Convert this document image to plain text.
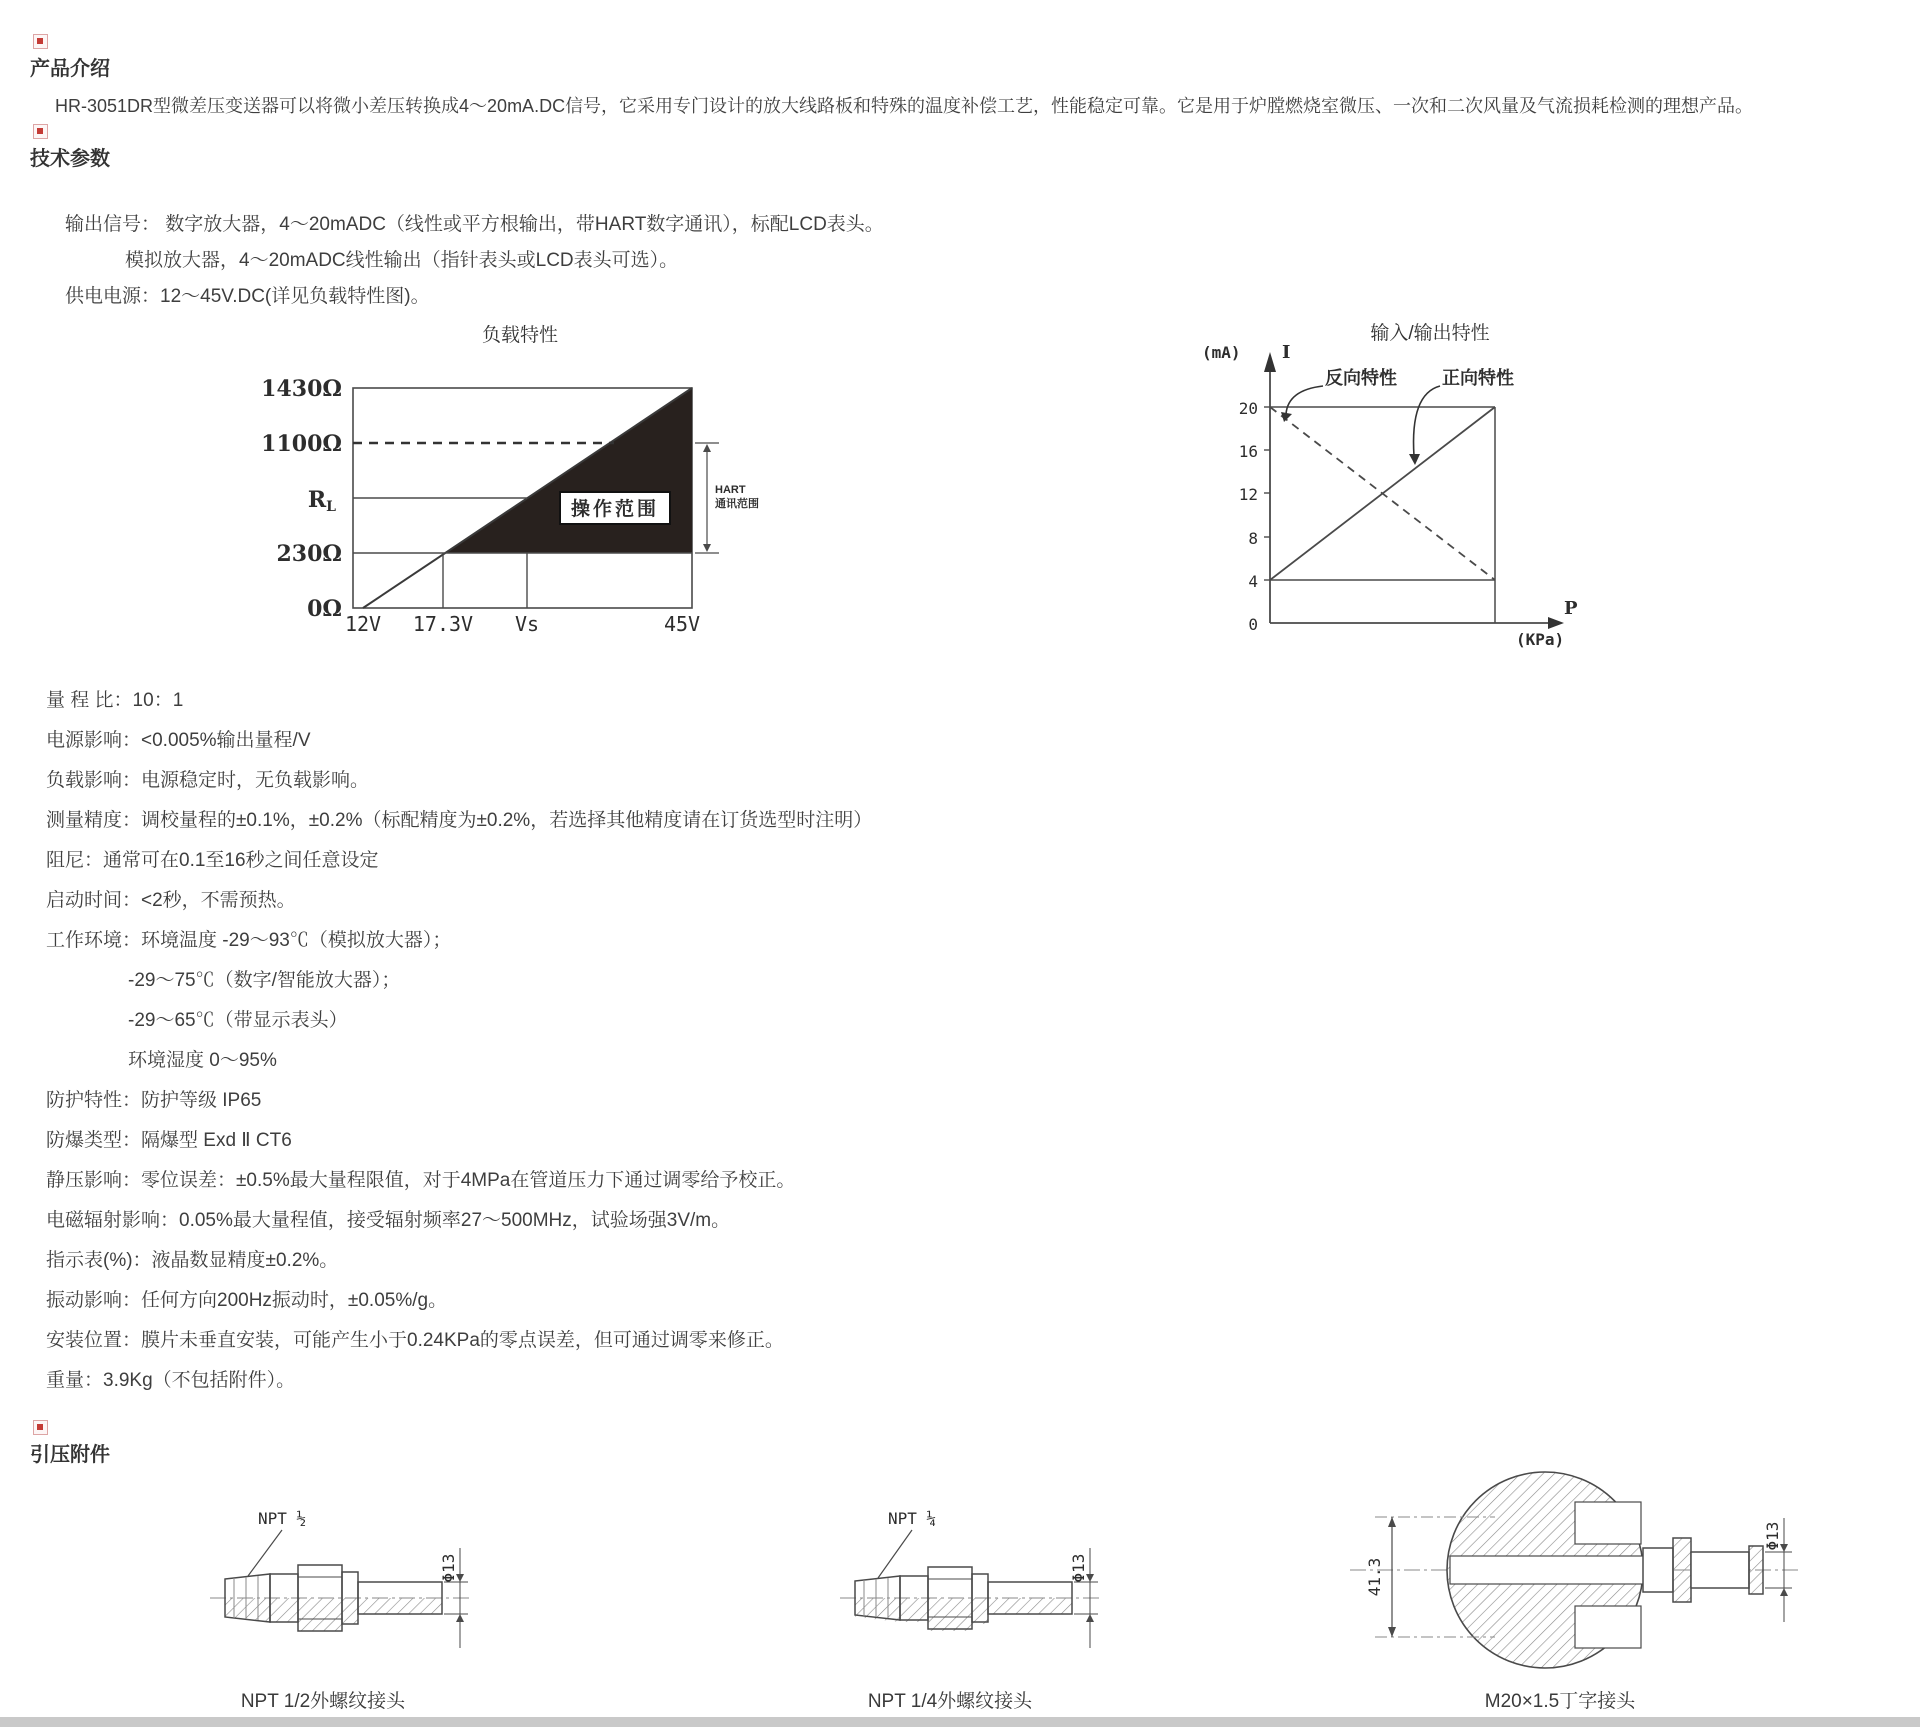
产品介绍
HR-3051DR型微差压变送器可以将微小差压转换成4～20mA.DC信号，它采用专门设计的放大线路板和特殊的温度补偿工艺，性能稳定可靠。它是用于炉膛燃烧室微压、一次和二次风量及气流损耗检测的理想产品。
技术参数
输出信号： 数字放大器，4～20mADC（线性或平方根输出，带HART数字通讯），标配LCD表头。
模拟放大器，4～20mADC线性输出（指针表头或LCD表头可选）。
供电电源：12～45V.DC(详见负载特性图)。
负载特性
1430Ω
1100Ω
RL
230Ω
0Ω
12V 17.3V Vs	45V
操作范围
HART
通讯范围
输入/输出特性
(mA) I
P
(KPa)
20
16
12
8
4
0
反向特性	正向特性
量 程 比：10：1
电源影响：<0.005%输出量程/V
负载影响：电源稳定时，无负载影响。
测量精度：调校量程的±0.1%，±0.2%（标配精度为±0.2%，若选择其他精度请在订货选型时注明）
阻尼：通常可在0.1至16秒之间任意设定
启动时间：<2秒，不需预热。
工作环境：环境温度 -29～93℃（模拟放大器）；
-29～75℃（数字/智能放大器）；
-29～65℃（带显示表头）
环境湿度 0～95%
防护特性：防护等级 IP65
防爆类型：隔爆型 Exd Ⅱ CT6
静压影响：零位误差：±0.5%最大量程限值，对于4MPa在管道压力下通过调零给予校正。
电磁辐射影响：0.05%最大量程值，接受辐射频率27～500MHz，试验场强3V/m。
指示表(%)：液晶数显精度±0.2%。
振动影响：任何方向200Hz振动时，±0.05%/g。
安装位置：膜片未垂直安装，可能产生小于0.24KPa的零点误差，但可通过调零来修正。
重量：3.9Kg（不包括附件）。
引压附件
NPT ½
Φ13
NPT 1/2外螺纹接头
NPT ¼
Φ13
NPT 1/4外螺纹接头
41.3
Φ13
M20×1.5丁字接头
